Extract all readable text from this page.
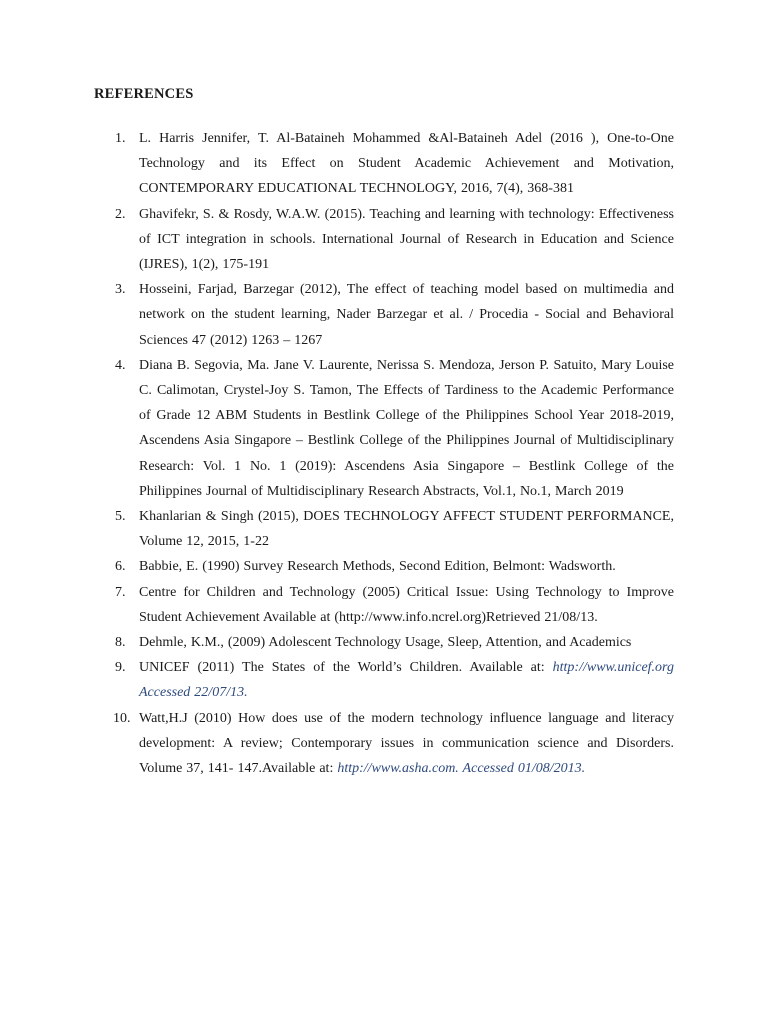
REFERENCES
1. L. Harris Jennifer, T. Al-Bataineh Mohammed &Al-Bataineh Adel (2016 ), One-to-One Technology and its Effect on Student Academic Achievement and Motivation, CONTEMPORARY EDUCATIONAL TECHNOLOGY, 2016, 7(4), 368-381
2. Ghavifekr, S. & Rosdy, W.A.W. (2015). Teaching and learning with technology: Effectiveness of ICT integration in schools. International Journal of Research in Education and Science (IJRES), 1(2), 175-191
3. Hosseini, Farjad, Barzegar (2012), The effect of teaching model based on multimedia and network on the student learning, Nader Barzegar et al. / Procedia - Social and Behavioral Sciences 47 (2012) 1263 – 1267
4. Diana B. Segovia, Ma. Jane V. Laurente, Nerissa S. Mendoza, Jerson P. Satuito, Mary Louise C. Calimotan, Crystel-Joy S. Tamon, The Effects of Tardiness to the Academic Performance of Grade 12 ABM Students in Bestlink College of the Philippines School Year 2018-2019, Ascendens Asia Singapore – Bestlink College of the Philippines Journal of Multidisciplinary Research: Vol. 1 No. 1 (2019): Ascendens Asia Singapore – Bestlink College of the Philippines Journal of Multidisciplinary Research Abstracts, Vol.1, No.1, March 2019
5. Khanlarian & Singh (2015), DOES TECHNOLOGY AFFECT STUDENT PERFORMANCE, Volume 12, 2015, 1-22
6. Babbie, E. (1990) Survey Research Methods, Second Edition, Belmont: Wadsworth.
7. Centre for Children and Technology (2005) Critical Issue: Using Technology to Improve Student Achievement Available at (http://www.info.ncrel.org)Retrieved 21/08/13.
8. Dehmle, K.M., (2009) Adolescent Technology Usage, Sleep, Attention, and Academics
9. UNICEF (2011) The States of the World’s Children. Available at: http://www.unicef.org Accessed 22/07/13.
10. Watt,H.J (2010) How does use of the modern technology influence language and literacy development: A review; Contemporary issues in communication science and Disorders. Volume 37, 141- 147.Available at: http://www.asha.com. Accessed 01/08/2013.
